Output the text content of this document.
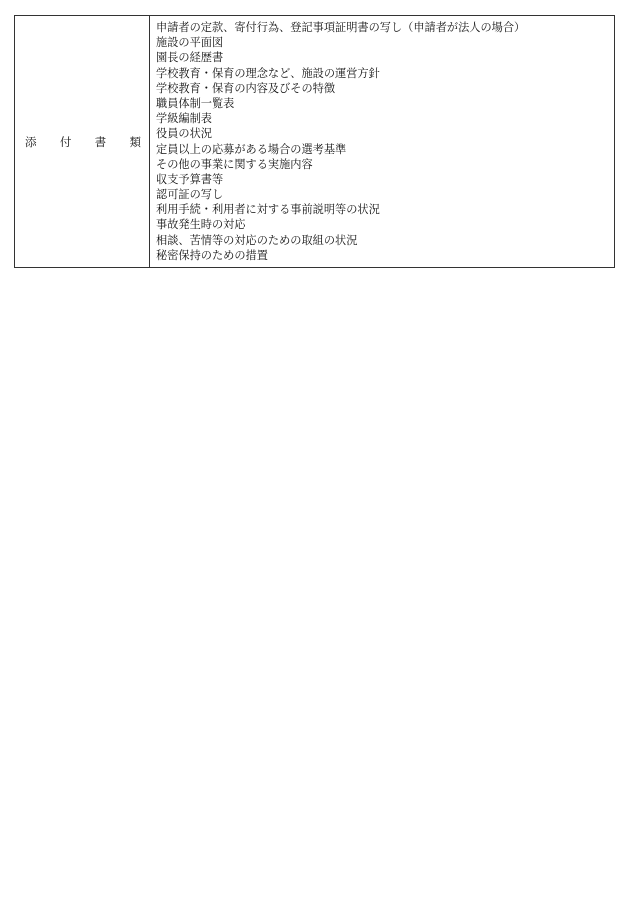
添 付 書 類

申請者の定款、寄付行為、登記事項証明書の写し（申請者が法人の場合）
施設の平面図
園長の経歴書
学校教育・保育の理念など、施設の運営方針
学校教育・保育の内容及びその特徴
職員体制一覧表
学級編制表
役員の状況
定員以上の応募がある場合の選考基準
その他の事業に関する実施内容
収支予算書等
認可証の写し
利用手続・利用者に対する事前説明等の状況
事故発生時の対応
相談、苦情等の対応のための取組の状況
秘密保持のための措置
